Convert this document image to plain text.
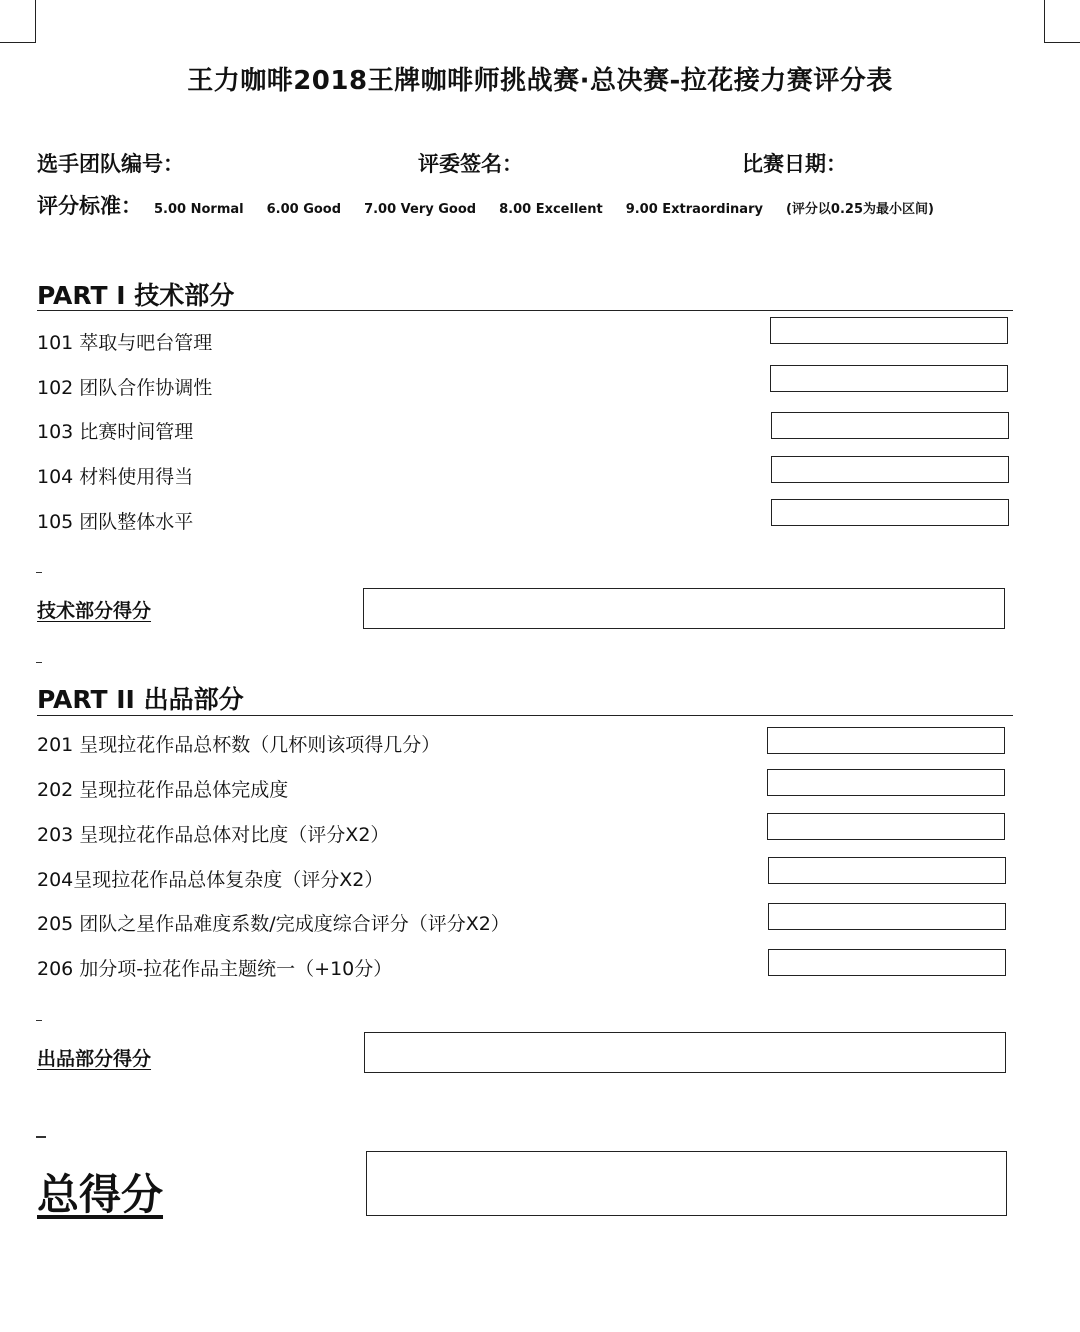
王力咖啡2018王牌咖啡师挑战赛·总决赛-拉花接力赛评分表
选手团队编号：	评委签名：	比赛日期：
评分标准： 5.00 Normal 6.00 Good 7.00 Very Good 8.00 Excellent 9.00 Extraordinary (评分以0.25为最小区间)
PART I 技术部分
101 萃取与吧台管理
102 团队合作协调性
103 比赛时间管理
104 材料使用得当
105 团队整体水平
技术部分得分
PART II 出品部分
201 呈现拉花作品总杯数（几杯则该项得几分）
202 呈现拉花作品总体完成度
203 呈现拉花作品总体对比度（评分X2）
204呈现拉花作品总体复杂度（评分X2）
205 团队之星作品难度系数/完成度综合评分（评分X2）
206 加分项-拉花作品主题统一（+10分）
出品部分得分
总得分
